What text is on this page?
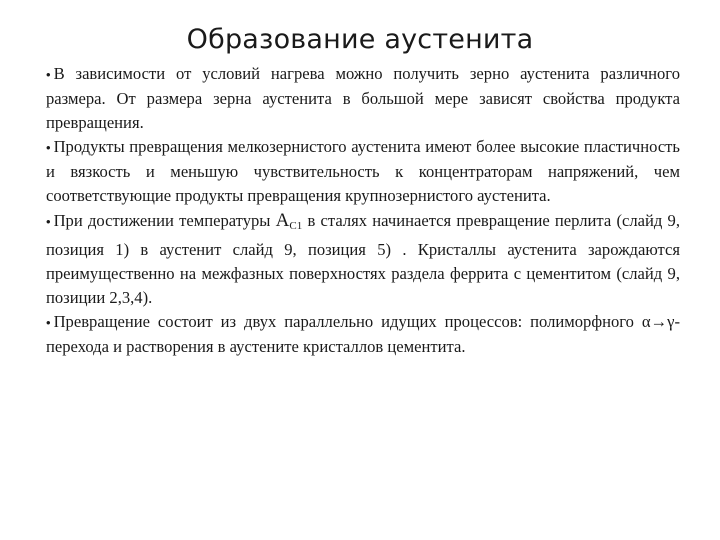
Образование аустенита

• В зависимости от условий нагрева можно получить зерно аустенита различного размера. От размера зерна аустенита в большой мере зависят свойства продукта превращения.

• Продукты превращения мелкозернистого аустенита имеют более высокие пластичность и вязкость и меньшую чувствительность к концентраторам напряжений, чем соответствующие продукты превращения крупнозернистого аустенита.

• При достижении температуры $A_{C1}$ в сталях начинается превращение перлита (слайд 9, позиция 1) в аустенит слайд 9, позиция 5) . Кристаллы аустенита зарождаются преимущественно на межфазных поверхностях раздела феррита с цементитом (слайд 9, позиции 2,3,4).

• Превращение состоит из двух параллельно идущих процессов: полиморфного α→γ- перехода и растворения в аустените кристаллов цементита.
